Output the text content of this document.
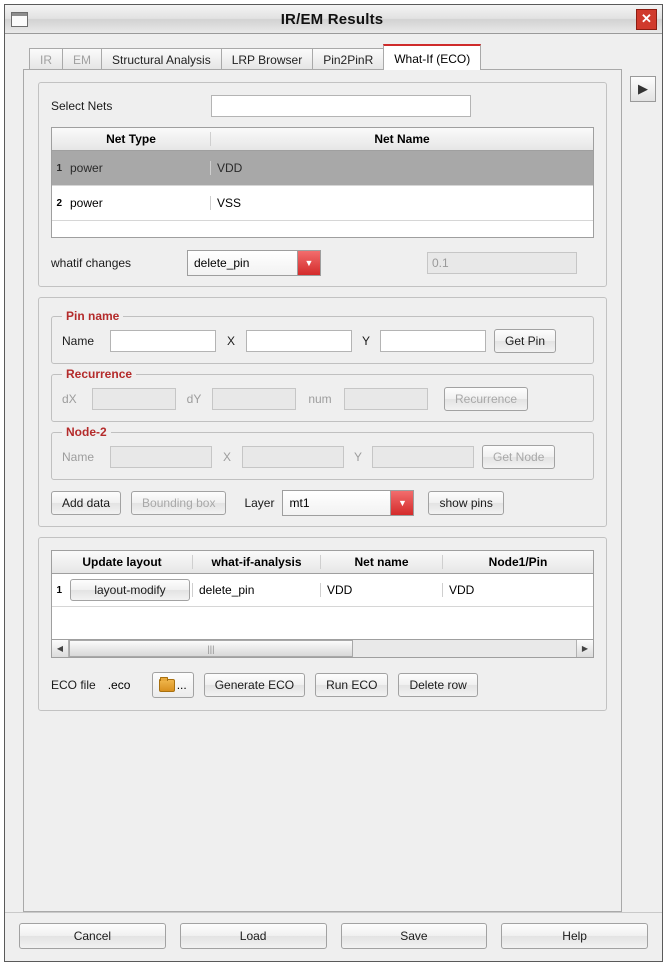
IR/EM Results	✕
IR	EM	Structural Analysis	LRP Browser	Pin2PinR	What-If (ECO)
▶
Select Nets
Net Type	Net Name
1 power	VDD
2 power	VSS
whatif changes	delete_pin	▼
0.1
Pin name
Name	X	Y	Get Pin
Recurrence
dX	dY	num	Recurrence
Node-2
Name	X	Y	Get Node
Add data	Bounding box	Layer	mt1	▼	show pins
Update layout	what-if-analysis	Net name	Node1/Pin
1	layout-modify	delete_pin	VDD	VDD
◀	|||	▶
ECO file
.eco	...	Generate ECO	Run ECO	Delete row
Cancel	Load	Save	Help
